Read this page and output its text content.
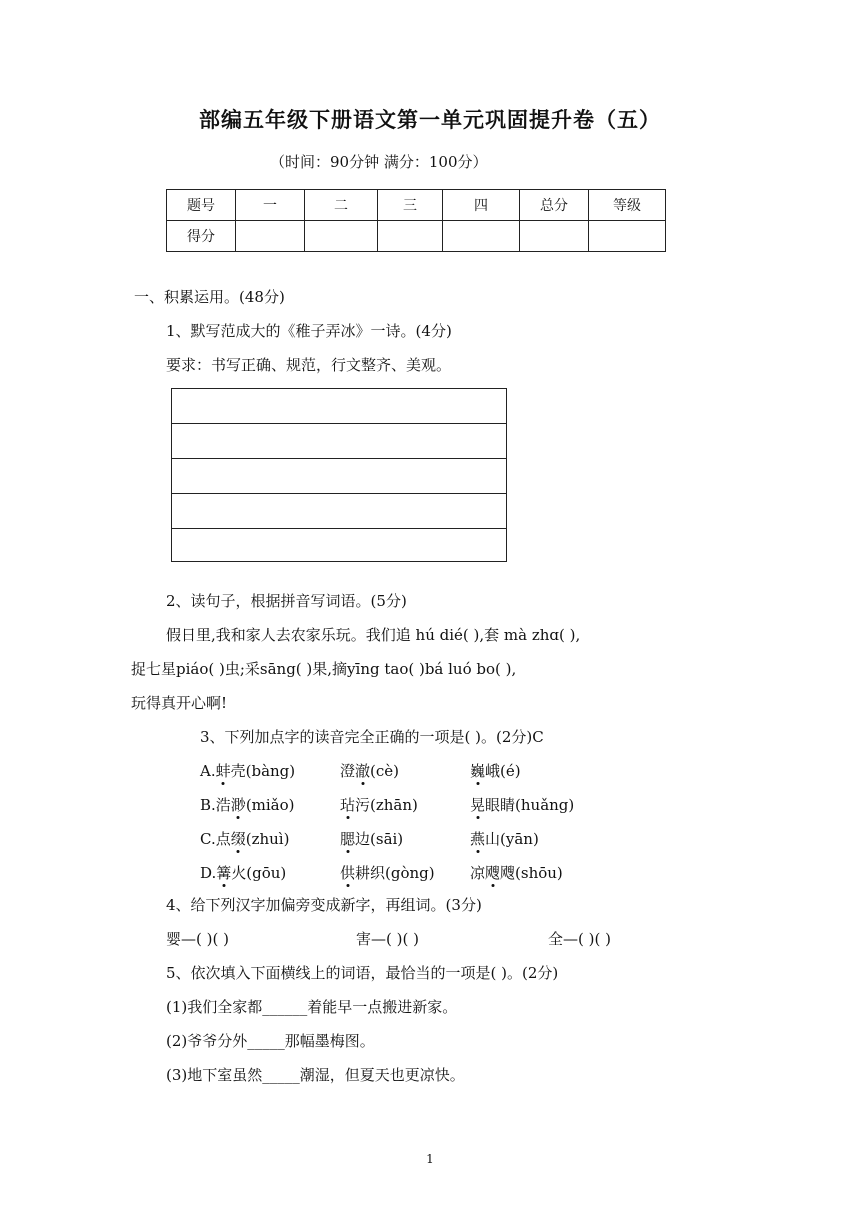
部编五年级下册语文第一单元巩固提升卷（五）
（时间：90分钟 满分：100分）
题号	一	二	三	四	总分	等级
得分						
一、积累运用。(48分)
1、默写范成大的《稚子弄冰》一诗。(4分)
要求：书写正确、规范，行文整齐、美观。
2、读句子，根据拼音写词语。(5分)
假日里,我和家人去农家乐玩。我们追 hú dié( ),套 mà zhɑ( ),
捉七星piáo( )虫;采sāng( )果,摘yīng tao( )bá luó bo( ),
玩得真开心啊!
3、下列加点字的读音完全正确的一项是( )。(2分)C
A.蚌壳(bàng)	澄澈(cè)	巍峨(é)
B.浩渺(miǎo)	玷污(zhān)	晃眼睛(huǎng)
C.点缀(zhuì)	腮边(sāi)	燕山(yān)
D.篝火(gōu)	供耕织(gòng) 凉飕飕(shōu)
4、给下列汉字加偏旁变成新字，再组词。(3分)
婴—( )( )	害—( )( )	全—( )( )
5、依次填入下面横线上的词语，最恰当的一项是( )。(2分)
(1)我们全家都______着能早一点搬进新家。
(2)爷爷分外_____那幅墨梅图。
(3)地下室虽然_____潮湿，但夏天也更凉快。
1
